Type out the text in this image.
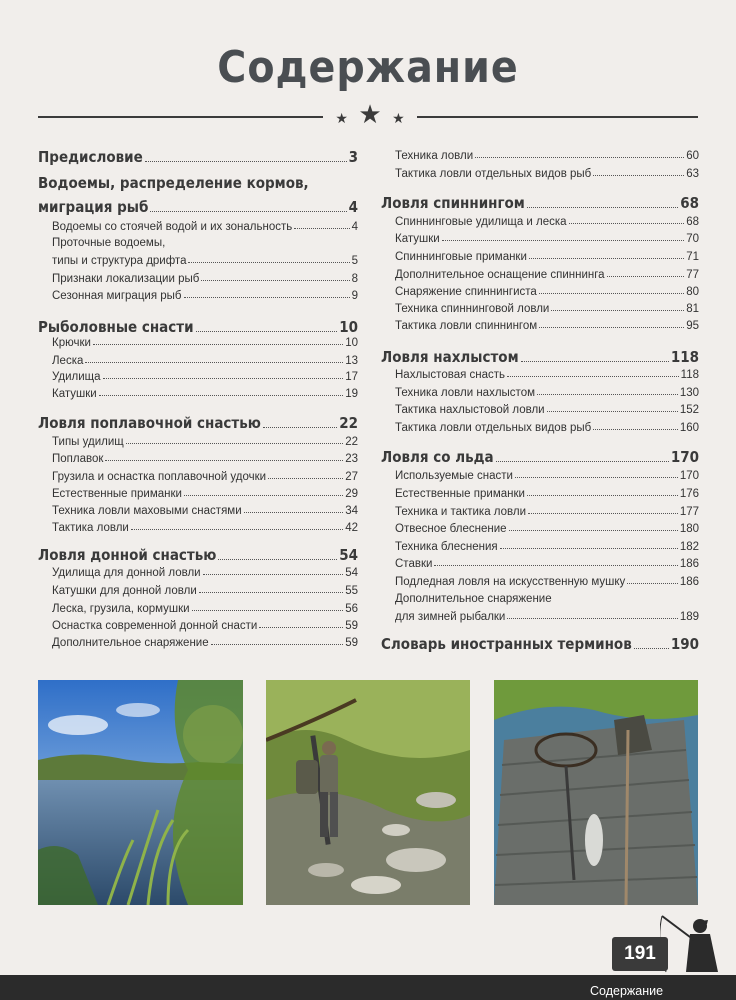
Содержание
★ ★ ★
Предисловие	3
Водоемы, распределение кормов,
миграция рыб	4
Водоемы со стоячей водой и их зональность	4
Проточные водоемы,
типы и структура дрифта	5
Признаки локализации рыб	8
Сезонная миграция рыб	9
Рыболовные снасти	10
Крючки	10
Леска	13
Удилища	17
Катушки	19
Ловля поплавочной снастью	22
Типы удилищ	22
Поплавок	23
Грузила и оснастка поплавочной удочки	27
Естественные приманки	29
Техника ловли маховыми снастями	34
Тактика ловли	42
Ловля донной снастью	54
Удилища для донной ловли	54
Катушки для донной ловли	55
Леска, грузила, кормушки	56
Оснастка современной донной снасти	59
Дополнительное снаряжение	59
Техника ловли	60
Тактика ловли отдельных видов рыб	63
Ловля спиннингом	68
Спиннинговые удилища и леска	68
Катушки	70
Спиннинговые приманки	71
Дополнительное оснащение спиннинга	77
Снаряжение спиннингиста	80
Техника спиннинговой ловли	81
Тактика ловли спиннингом	95
Ловля нахлыстом	118
Нахлыстовая снасть	118
Техника ловли нахлыстом	130
Тактика нахлыстовой ловли	152
Тактика ловли отдельных видов рыб	160
Ловля со льда	170
Используемые снасти	170
Естественные приманки	176
Техника и тактика ловли	177
Отвесное блеснение	180
Техника блеснения	182
Ставки	186
Подледная ловля на искусственную мушку	186
Дополнительное снаряжение
для зимней рыбалки	189
Словарь иностранных терминов	190
191
Содержание
